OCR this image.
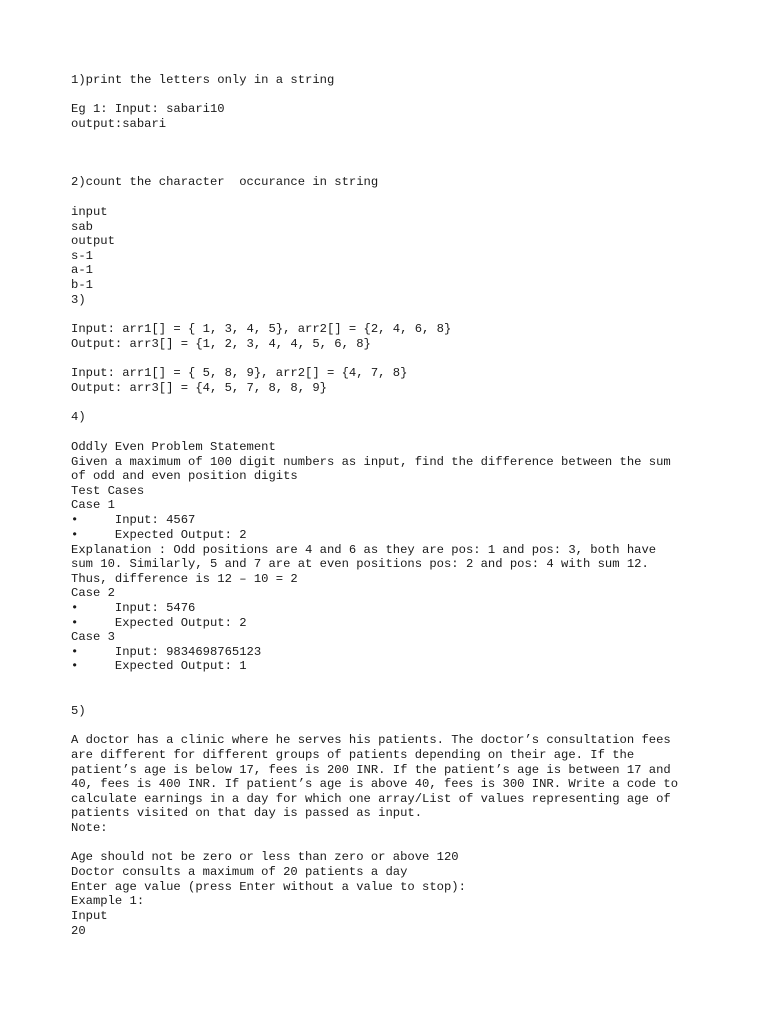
1)print the letters only in a string
Eg 1: Input: sabari10
output:sabari
2)count the character  occurance in string
input
sab
output
s-1
a-1
b-1
3)
Input: arr1[] = { 1, 3, 4, 5}, arr2[] = {2, 4, 6, 8}
Output: arr3[] = {1, 2, 3, 4, 4, 5, 6, 8}
Input: arr1[] = { 5, 8, 9}, arr2[] = {4, 7, 8}
Output: arr3[] = {4, 5, 7, 8, 8, 9}
4)
Oddly Even Problem Statement
Given a maximum of 100 digit numbers as input, find the difference between the sum
of odd and even position digits
Test Cases
Case 1
•     Input: 4567
•     Expected Output: 2
Explanation : Odd positions are 4 and 6 as they are pos: 1 and pos: 3, both have
sum 10. Similarly, 5 and 7 are at even positions pos: 2 and pos: 4 with sum 12.
Thus, difference is 12 – 10 = 2
Case 2
•     Input: 5476
•     Expected Output: 2
Case 3
•     Input: 9834698765123
•     Expected Output: 1
5)
A doctor has a clinic where he serves his patients. The doctor’s consultation fees
are different for different groups of patients depending on their age. If the
patient’s age is below 17, fees is 200 INR. If the patient’s age is between 17 and
40, fees is 400 INR. If patient’s age is above 40, fees is 300 INR. Write a code to
calculate earnings in a day for which one array/List of values representing age of
patients visited on that day is passed as input.
Note:
Age should not be zero or less than zero or above 120
Doctor consults a maximum of 20 patients a day
Enter age value (press Enter without a value to stop):
Example 1:
Input
20
